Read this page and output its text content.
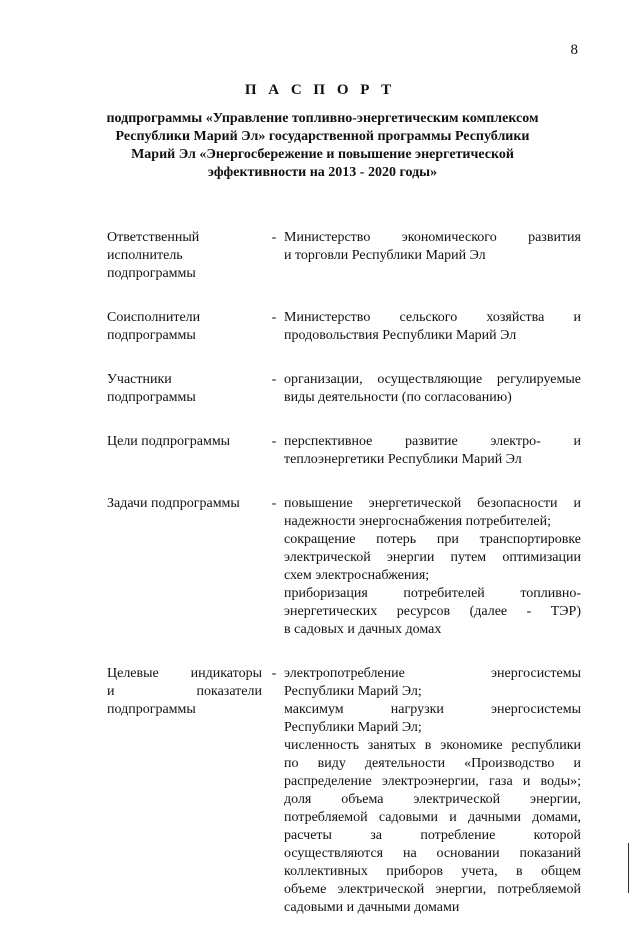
8
П А С П О Р Т
подпрограммы «Управление топливно-энергетическим комплексом
Республики Марий Эл» государственной программы Республики
Марий Эл «Энергосбережение и повышение энергетической
эффективности на 2013 - 2020 годы»
Ответственный
исполнитель
подпрограммы
- Министерство экономического развития
и торговли Республики Марий Эл
Соисполнители
подпрограммы
- Министерство сельского хозяйства и
продовольствия Республики Марий Эл
Участники
подпрограммы
- организации, осуществляющие регулируемые
виды деятельности (по согласованию)
Цели подпрограммы	- перспективное развитие электро- и
теплоэнергетики Республики Марий Эл
Задачи подпрограммы	- повышение энергетической безопасности и
надежности энергоснабжения потребителей;
сокращение потерь при транспортировке
электрической энергии путем оптимизации
схем электроснабжения;
приборизация потребителей топливно-
энергетических ресурсов (далее - ТЭР)
в садовых и дачных домах
Целевые индикаторы
и показатели
подпрограммы
- электропотребление энергосистемы
Республики Марий Эл;
максимум нагрузки энергосистемы
Республики Марий Эл;
численность занятых в экономике республики
по виду деятельности «Производство и
распределение электроэнергии, газа и воды»;
доля объема электрической энергии,
потребляемой садовыми и дачными домами,
расчеты за потребление которой
осуществляются на основании показаний
коллективных приборов учета, в общем
объеме электрической энергии, потребляемой
садовыми и дачными домами
